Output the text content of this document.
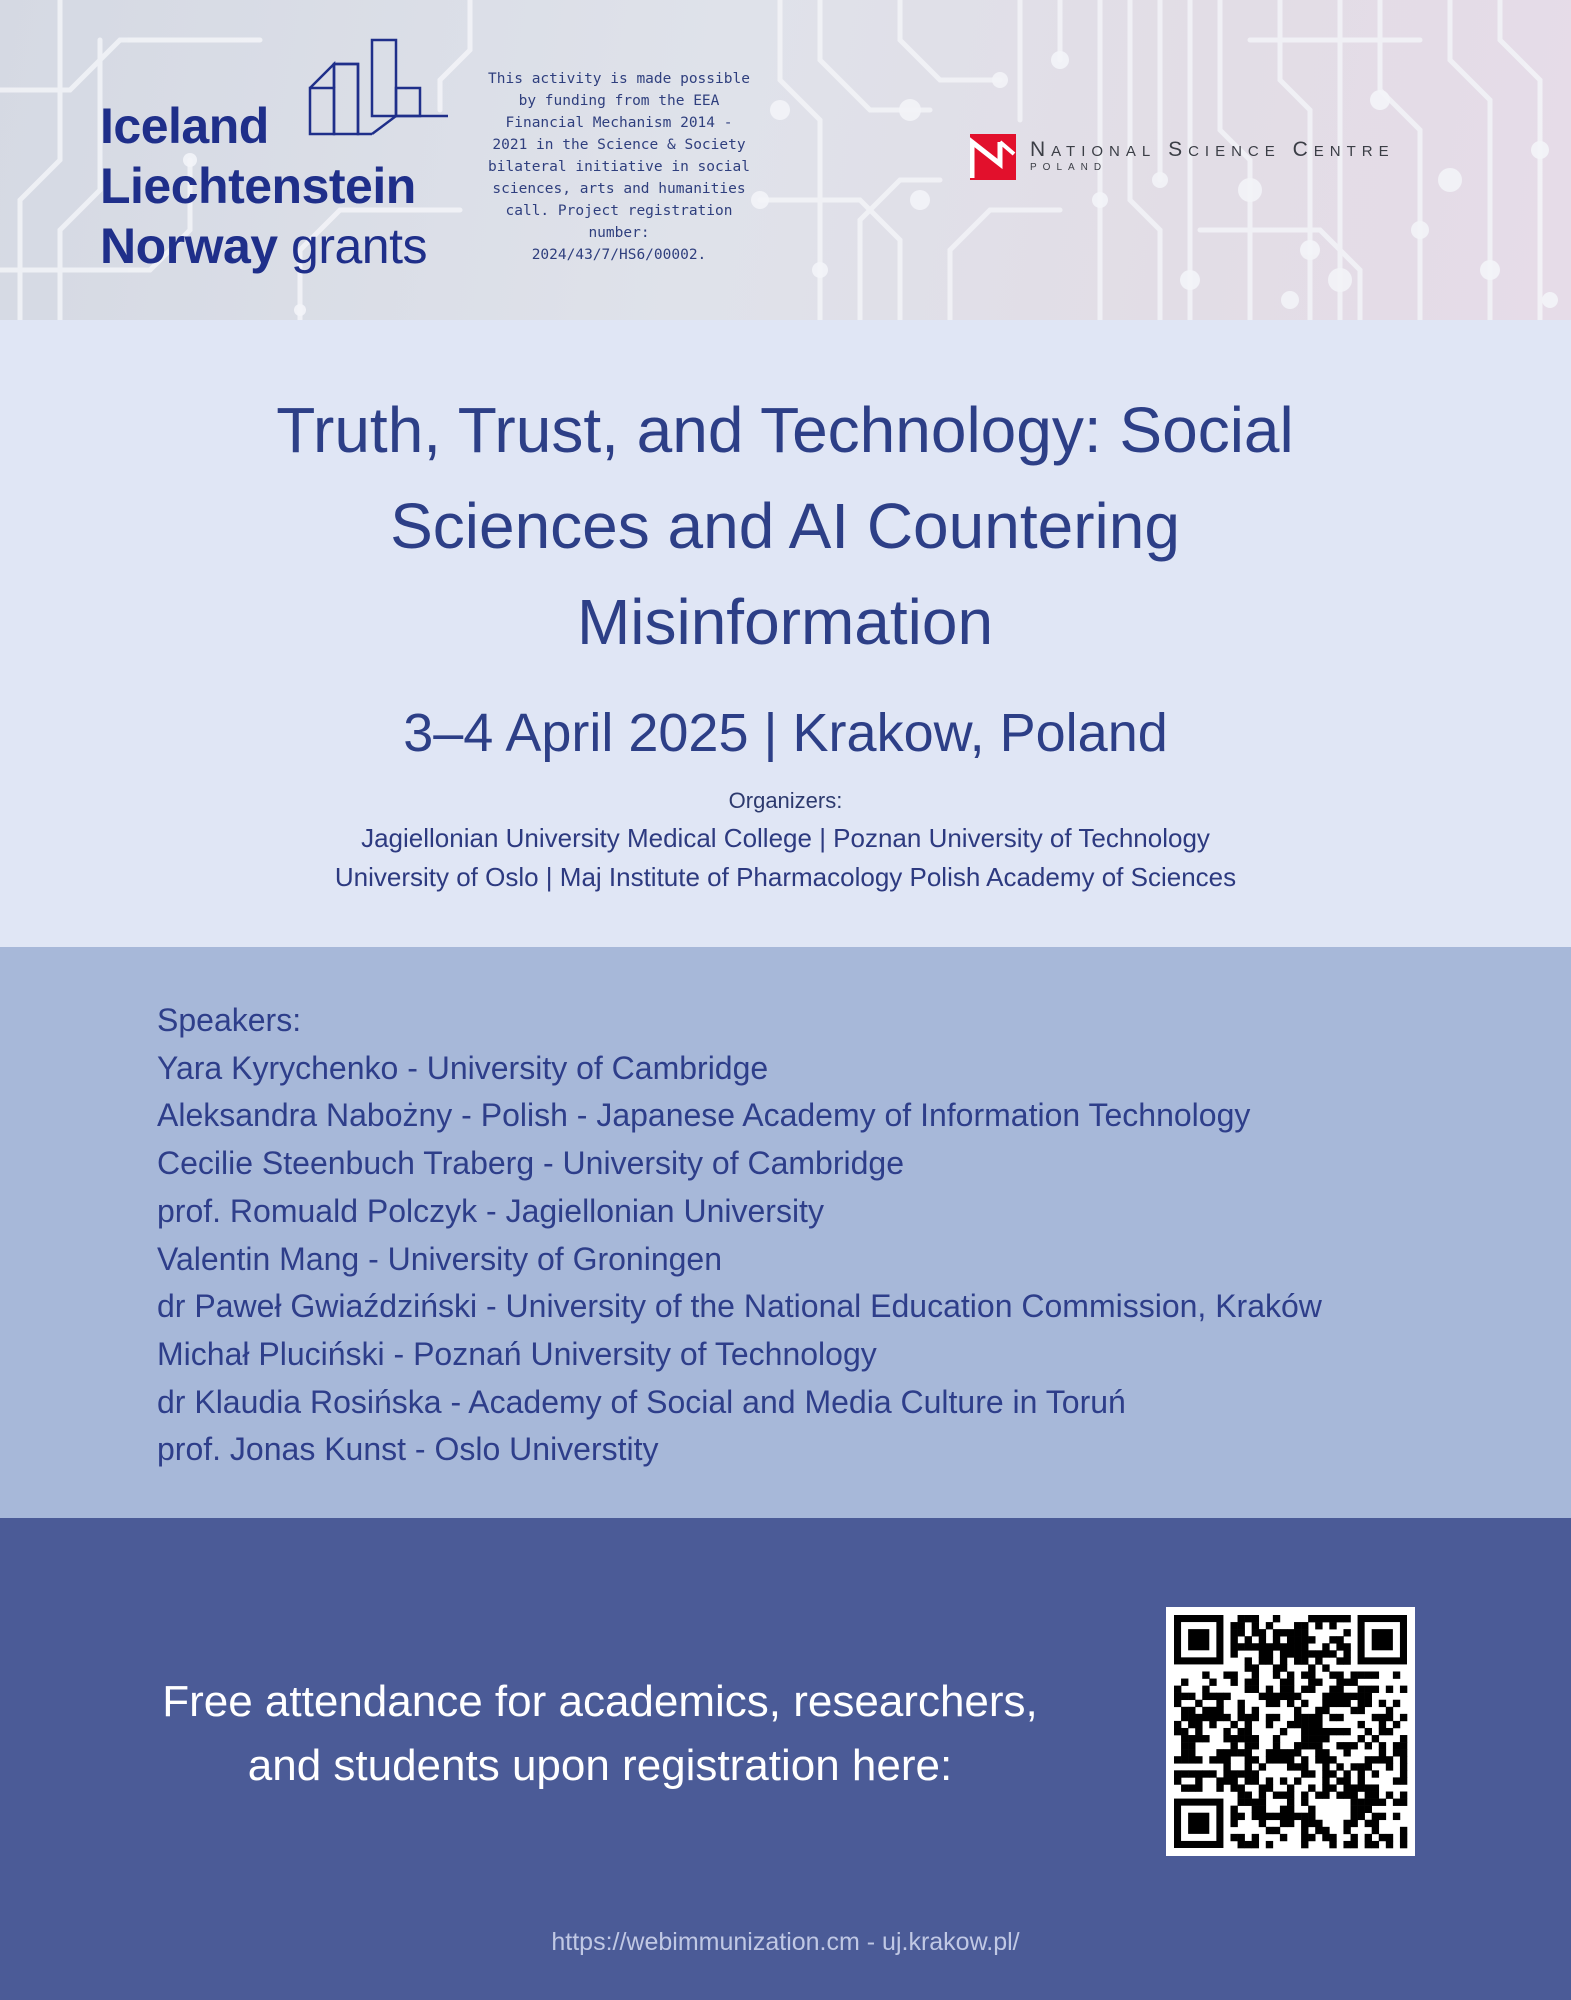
Iceland
Liechtenstein
Norway grants
This activity is made possible
by funding from the EEA
Financial Mechanism 2014 -
2021 in the Science & Society
bilateral initiative in social
sciences, arts and humanities
call. Project registration number:
2024/43/7/HS6/00002.
National Science Centre
POLAND
Truth, Trust, and Technology: Social
Sciences and AI Countering
Misinformation
3–4 April 2025 | Krakow, Poland
Organizers:
Jagiellonian University Medical College | Poznan University of Technology
University of Oslo | Maj Institute of Pharmacology Polish Academy of Sciences
Speakers:
Yara Kyrychenko - University of Cambridge
Aleksandra Nabożny - Polish - Japanese Academy of Information Technology
Cecilie Steenbuch Traberg - University of Cambridge
prof. Romuald Polczyk - Jagiellonian University
Valentin Mang - University of Groningen
dr Paweł Gwiaździński - University of the National Education Commission, Kraków
Michał Pluciński - Poznań University of Technology
dr Klaudia Rosińska - Academy of Social and Media Culture in Toruń
prof. Jonas Kunst - Oslo Universtity
Free attendance for academics, researchers,
and students upon registration here:
https://webimmunization.cm - uj.krakow.pl/
